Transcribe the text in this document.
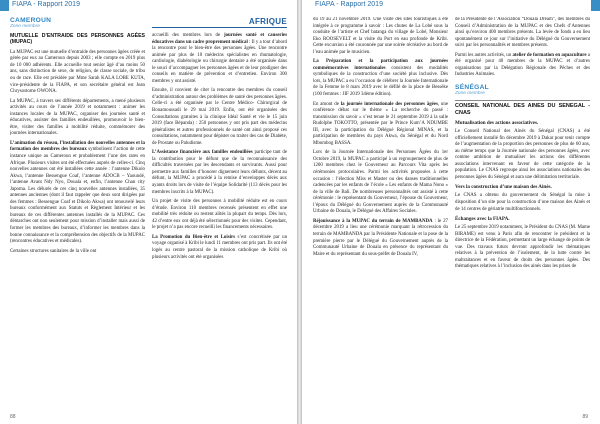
FIAPA - Rapport 2019
CAMEROUN
Zone membre
MUTUELLE D’ENTRAIDE DES PERSONNES AGÉES (MUPAC)

La MUPAC est une mutuelle d’entraide des personnes âgées créée et gérée par eux au Cameroun depuis 2003 ; elle compte en 2019 plus de 10 000 adhérents. Elle accueille tout senior âgé d’au moins 50 ans, sans distinction de sexe, de religion, de classe sociale, de tribu ou de race. Elle est présidée par Mme Sarah KALA LOBE KUTA, vice-présidente de la FIAPA, et son secrétaire général est Jean Chrysostome OWONA.

La MUPAC, à travers ses différents départements, a mené plusieurs activités au cours de l’année 2019 et notamment : animer les instances locales de la MUPAC, organiser des journées santé et éducatives, assister des familles endeuillées, promouvoir le bien-être, visiter des familles à mobilité réduite, commémorer des journées internationales.

L’animation du réseau, l’installation des nouvelles antennes et la formation des membres des bureaux symbolisent l’action de cette instance unique au Cameroun et probablement l’une des rares en Afrique. Plusieurs visites ont été effectuées auprès de celles-ci. Cinq nouvelles antennes ont été installées cette année : l’antenne Dikolo Akwa, l’antenne Bessengue Coaf, l’antenne ADOCB – Yaoundé, l’antenne Avant Ndy Nyo, Douala et, enfin, l’antenne Chan city Japoma. Les délurés de ces cinq nouvelles antennes installées, 35 antennes anciennes (dont il faut rappeler que deux sont dirigées par des femmes : Bessengue Coaf et Dikolo Akwa) ont renouvelé leurs bureaux conformément aux Statuts et Règlement Intérieur et les bureaux de ces différentes antennes installés de la MUPAC. Ces démarches ont non seulement pour mission d’installer mais aussi de former les membres des bureaux, d’informer les membres dans la bonne connaissance et la compréhension des objectifs de la MUPAC (rencontres éducatives et médicales).

Certaines structures sanitaires de la ville ont

AFRIQUE

accueilli des membres lors de journées santé et causeries éducatives dans un cadre proprement médical : Il y a tout d’abord la rencontre pour le bien-être des personnes âgées. Une rencontre animée par plus de 10 médecins spécialistes en rhumatologie, cardiologie, diabétologie ou chirurgie dentaire a été organisée dans le souci d’accompagner les personnes âgées et de leur prodiguer des conseils en matière de prévention et d’entretien. Environ 300 membres y ont assisté.

Ensuite, il convient de citer la rencontre des membres du conseil d’administration autour des problèmes de santé des personnes âgées. Celle-ci a été organisée par le Centre Médico- Chirurgical de Bonamoussadi le 29 mai 2019. Enfin, ont été organisées des Consultations gratuites à la clinique Idéal Santé et vie le 15 juin 2019 (face Bépanda) : 250 personnes y ont pris part des médecins généralistes et autres professionnels de santé ont ainsi proposé ces consultations, notamment pour dépister ou traiter des cas de Diabète, de Prostate ou Paludisme.

L’Assistance financière aux familles endeuillées participe tant de la contribution pour le défunt que de la reconnaissance des difficultés traversées par les descendants et survivants. Aussi pour permettre aux familles d’honorer dignement leurs défunts, décent au défunt, la MUPAC a procédé à la remise d’enveloppes décès aux ayants droits lors de visite de l’équipe Solidarité (113 décès pour les membres inscrits à la MUPAC).

Un projet de visite des personnes à mobilité réduite est en cours d’étude. Environ 110 membres recensés présentent en effet une mobilité très réduite ou restent alités la plupart du temps. Dès lors, 42 d’entre eux ont déjà été sélectionnés pour des visites. Cependant, le projet n’a pas encore recueilli les financements nécessaires.

La Promotion du Bien-être et Loisirs s’est concrétisée par un voyage organisé à Kribi le lundi 11 membres ont pris part. Ils ont été logés au centre pastoral de la mission catholique de Kribi où plusieurs activités ont été organisées

88
FIAPA - Rapport 2019

du 19 au 21 novembre 2019. Une visite des sites touristiques a été intégrée à ce programme à savoir : Les chutes de La Lobé sous la conduite de l’artiste et Chef batanga du village de Lobé, Monsieur Eko ROOSEVELT et la visite du Port en eau profonde de Kribi. Cette excursion a été couronnée par une soirée récréative au bord de l’eau animée par le musicien.

La Préparation et la participation aux journées commémoratives internationales consistent des modalités symboliques de la construction d’une société plus inclusive. Dès lors, la MUPAC a eu l’occasion de célébrer la Journée Internationale de la Femme le 8 mars 2019 avec le défilé de la place de Bessèke (100 femmes : JIF 2019 34ème édition).

En amont de la journée internationale des personnes âgées, une conférence débat sur le thème « La recherche du passé : transmission du savoir » s’est tenue le 21 septembre 2019 à la salle Rudolphe TOKOTTO, présentée par le Prince Kum’A NDUMBE III, avec la participation du Délégué Régional MINAS, et la participation de membres du pays Akwa, du Sénégal et du Nord Mbombog BASSA.

Lors de la Journée Internationale des Personnes Âgées du 1er Octobre 2019, la MUPAC a participé à un regroupement de plus de 1200 membres chez le Gouverneur au Parcours Vita après les cérémonies protocolaires. Parmi les activités proposées à cette occasion : l’élection Miss et Master ou des danses traditionnelles cadencées par les enfants de l’école « Les enfants de Mama Nono » de la ville de Bali. De nombreuses personnalités ont assisté à cette cérémonie : le représentant du Gouverneur, l’épouse du Gouverneur, l’époux du Délégué du Gouvernement auprès de la Communauté Urbaine de Douala, le Délégué des Affaires Sociales.

Réjouissance à la MUPAC du terrain de MAMBANDA : le 27 décembre 2019 a lieu une cérémonie marquant la rétrocession du terrain de MAMBANDA par la Présidente Nationale et la pose de la première pierre par le Délégué du Gouvernement auprès de la Communauté Urbaine de Douala en présence du représentant du Maire et du représentant du sous-préfet de Douala IV,

de la Présidente de l’Association “Douala Dream”, des membres du Conseil d’Administration de la MUPAC et des Chefs d’Antennes ainsi qu’environ 400 membres présents. La levée de fonds a eu lieu spontanément ce jour sur l’initiative du Délégué du Gouvernement suivi par les personnalités et membres présents.

Parmi les autres activités, un atelier de formation en aquaculture a été organisé pour 40 membres de la MUPAC et d’autres organisations par la Délégation Régionale des Pêches et des Industries Animales.

SÉNÉGAL
Zone membre
CONSEIL NATIONAL DES AINES DU SENEGAL - CNAS
Mutualisation des actions associatives.

Le Conseil National des Ainés du Sénégal (CNAS) a été officiellement installé fin décembre 2019 à Dakar pour tenir compte de l’augmentation de la proportion des personnes de plus de 60 ans, au même temps que la Journée nationale des personnes âgées, avec comme ambition de mutualiser les actions des différentes associations intervenant en faveur de cette catégorie de la population. Le CNAS regroupe ainsi les associations nationales des personnes âgées du Sénégal et aura une délimitation territoriale.

Vers la construction d’une maison des Ainés.

Le CNAS a obtenu du gouvernement du Sénégal la mise à disposition d’un site pour la construction d’une maison des Ainés et de 14 centres de gériatrie multifonctionnels.

Échanges avec la FIAPA.

Le 25 septembre 2019 notamment, le Président du CNAS (M. Mame BIRAME) est venu à Paris afin de rencontrer le président et la directrice de la Fédération, permettant un large échange de points de vue. Des travaux futurs devront approfondir les thématiques relatives à la prévention de l’isolement, de la lutte contre les maltraitances et en faveur de droits des personnes âgées. Des thématiques relatives à l’inclusion des ainés dans les prises de

89
